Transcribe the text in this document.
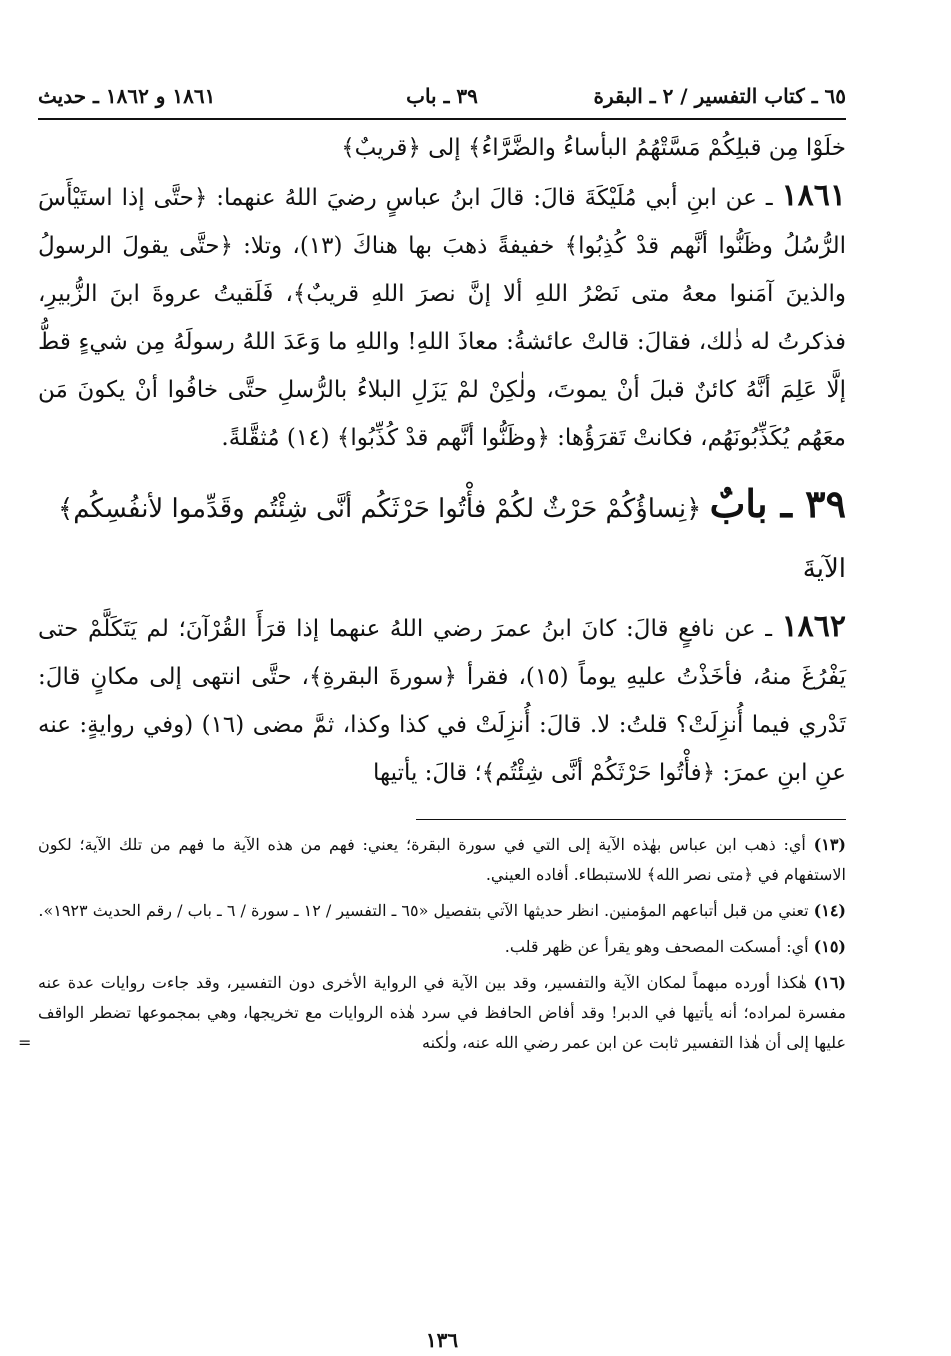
٦٥ ـ كتاب التفسير / ٢ ـ البقرة
٣٩ ـ باب
١٨٦١ و ١٨٦٢ ـ حديث

خلَوْا مِن قبلِكُمْ مَسَّتْهُمُ البأساءُ والضَّرَّاءُ﴾ إلى ﴿قريبٌ﴾

١٨٦١ ـ عن ابنِ أبي مُلَيْكَةَ قالَ: قالَ ابنُ عباسٍ رضيَ اللهُ عنهما: ﴿حتَّى إذا استَيْأَسَ الرُّسُلُ وظَنُّوا أنَّهم قدْ كُذِبُوا﴾ خفيفةً ذهبَ بها هناكَ (١٣)، وتلا: ﴿حتَّى يقولَ الرسولُ والذينَ آمَنوا معهُ متى نَصْرُ اللهِ ألا إنَّ نصرَ اللهِ قريبٌ﴾، فَلَقيتُ عروةَ ابنَ الزُّبيرِ، فذكرتُ له ذٰلك، فقالَ: قالتْ عائشةُ: معاذَ اللهِ! واللهِ ما وَعَدَ اللهُ رسولَهُ مِن شيءٍ قطُّ إلَّا عَلِمَ أنَّهُ كائنٌ قبلَ أنْ يموتَ، ولٰكِنْ لمْ يَزَلِ البلاءُ بالرُّسلِ حتَّى خافُوا أنْ يكونَ مَن معَهُم يُكَذِّبُونَهُم، فكانتْ تَقرَؤُها: ﴿وظَنُّوا أنَّهم قدْ كُذِّبُوا﴾ (١٤) مُثقَّلةً.

٣٩ ـ بابٌ ﴿نِساؤُكُمْ حَرْثٌ لكُمْ فأْتُوا حَرْثَكُم أنَّى شِئْتُم وقَدِّموا لأنفُسِكُم﴾ الآيةَ

١٨٦٢ ـ عن نافعٍ قالَ: كانَ ابنُ عمرَ رضي اللهُ عنهما إذا قرَأَ القُرْآنَ؛ لم يَتَكَلَّمْ حتى يَفْرُغَ منهُ، فأخَذْتُ عليهِ يوماً (١٥)، فقرأ ﴿سورةَ البقرةِ﴾، حتَّى انتهى إلى مكانٍ قالَ: تَدْري فيما أُنزِلَتْ؟ قلتُ: لا. قالَ: أُنزِلَتْ في كذا وكذا، ثمَّ مضى (١٦) (وفي روايةٍ: عنه عنِ ابنِ عمرَ: ﴿فأْتُوا حَرْثَكُمْ أنَّى شِئْتُم﴾؛ قالَ: يأتيها

(١٣) أي: ذهب ابن عباس بهٰذه الآية إلى التي في سورة البقرة؛ يعني: فهم من هذه الآية ما فهم من تلك الآية؛ لكون الاستفهام في ﴿متى نصر الله﴾ للاستبطاء. أفاده العيني.

(١٤) تعني من قبل أتباعهم المؤمنين. انظر حديثها الآتي بتفصيل «٦٥ ـ التفسير / ١٢ ـ سورة / ٦ ـ باب / رقم الحديث ١٩٢٣».

(١٥) أي: أمسكت المصحف وهو يقرأ عن ظهر قلب.

(١٦) هٰكذا أورده مبهماً لمكان الآية والتفسير، وقد بين الآية في الرواية الأخرى دون التفسير، وقد جاءت روايات عدة عنه مفسرة لمراده؛ أنه يأتيها في الدبر! وقد أفاض الحافظ في سرد هٰذه الروايات مع تخريجها، وهي بمجموعها تضطر الواقف عليها إلى أن هٰذا التفسير ثابت عن ابن عمر رضي الله عنه، ولٰكنه
=

١٣٦
